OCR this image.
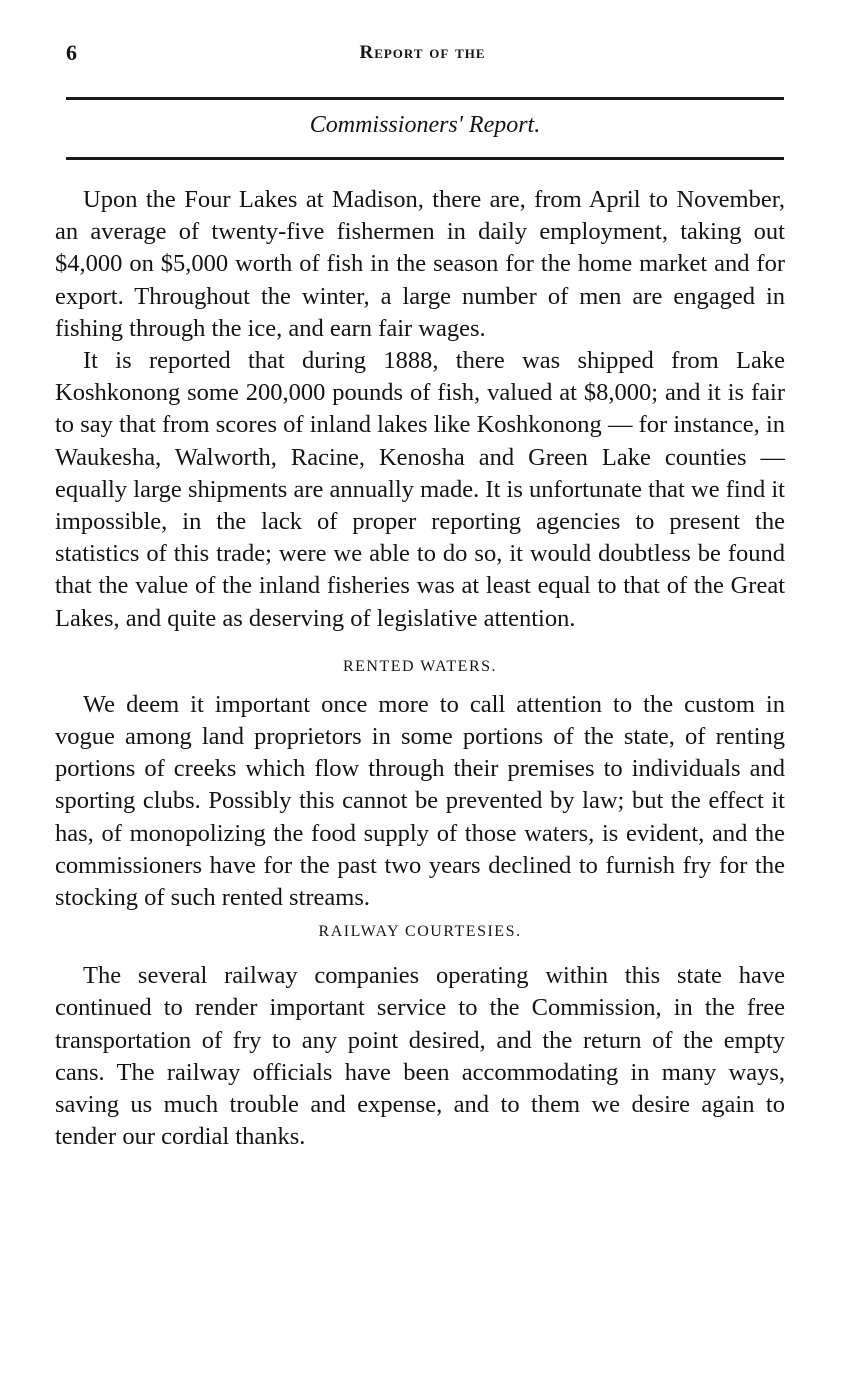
6	Report of the
Commissioners' Report.

Upon the Four Lakes at Madison, there are, from April to November, an average of twenty-five fishermen in daily employment, taking out $4,000 on $5,000 worth of fish in the season for the home market and for export. Throughout the winter, a large number of men are engaged in fishing through the ice, and earn fair wages.

It is reported that during 1888, there was shipped from Lake Koshkonong some 200,000 pounds of fish, valued at $8,000; and it is fair to say that from scores of inland lakes like Koshkonong — for instance, in Waukesha, Walworth, Racine, Kenosha and Green Lake counties — equally large shipments are annually made. It is unfortunate that we find it impossible, in the lack of proper reporting agencies to present the statistics of this trade; were we able to do so, it would doubtless be found that the value of the inland fisheries was at least equal to that of the Great Lakes, and quite as deserving of legislative attention.

RENTED WATERS.

We deem it important once more to call attention to the custom in vogue among land proprietors in some portions of the state, of renting portions of creeks which flow through their premises to individuals and sporting clubs. Possibly this cannot be prevented by law; but the effect it has, of monopolizing the food supply of those waters, is evident, and the commissioners have for the past two years declined to furnish fry for the stocking of such rented streams.

RAILWAY COURTESIES.

The several railway companies operating within this state have continued to render important service to the Commission, in the free transportation of fry to any point desired, and the return of the empty cans. The railway officials have been accommodating in many ways, saving us much trouble and expense, and to them we desire again to tender our cordial thanks.
